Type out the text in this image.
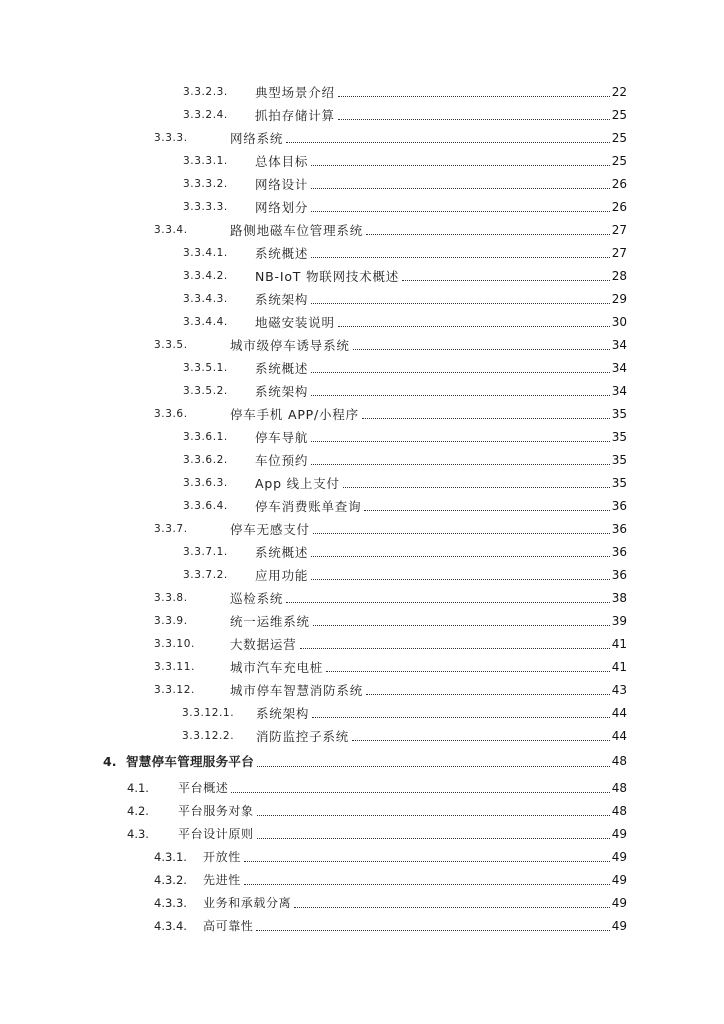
3.3.2.3. 典型场景介绍	22
3.3.2.4. 抓拍存储计算	25
3.3.3.	网络系统	25
3.3.3.1. 总体目标	25
3.3.3.2. 网络设计	26
3.3.3.3. 网络划分	26
3.3.4.	路侧地磁车位管理系统	27
3.3.4.1. 系统概述	27
3.3.4.2. NB-IoT 物联网技术概述	28
3.3.4.3. 系统架构	29
3.3.4.4. 地磁安装说明	30
3.3.5.	城市级停车诱导系统	34
3.3.5.1. 系统概述	34
3.3.5.2. 系统架构	34
3.3.6.	停车手机 APP/小程序	35
3.3.6.1. 停车导航	35
3.3.6.2. 车位预约	35
3.3.6.3. App 线上支付	35
3.3.6.4. 停车消费账单查询	36
3.3.7.	停车无感支付	36
3.3.7.1. 系统概述	36
3.3.7.2. 应用功能	36
3.3.8.	巡检系统	38
3.3.9.	统一运维系统	39
3.3.10.	大数据运营	41
3.3.11.	城市汽车充电桩	41
3.3.12.	城市停车智慧消防系统	43
3.3.12.1. 系统架构	44
3.3.12.2. 消防监控子系统	44
4. 智慧停车管理服务平台	48
4.1. 平台概述	48
4.2. 平台服务对象	48
4.3. 平台设计原则	49
4.3.1. 开放性	49
4.3.2. 先进性	49
4.3.3. 业务和承载分离	49
4.3.4. 高可靠性	49
